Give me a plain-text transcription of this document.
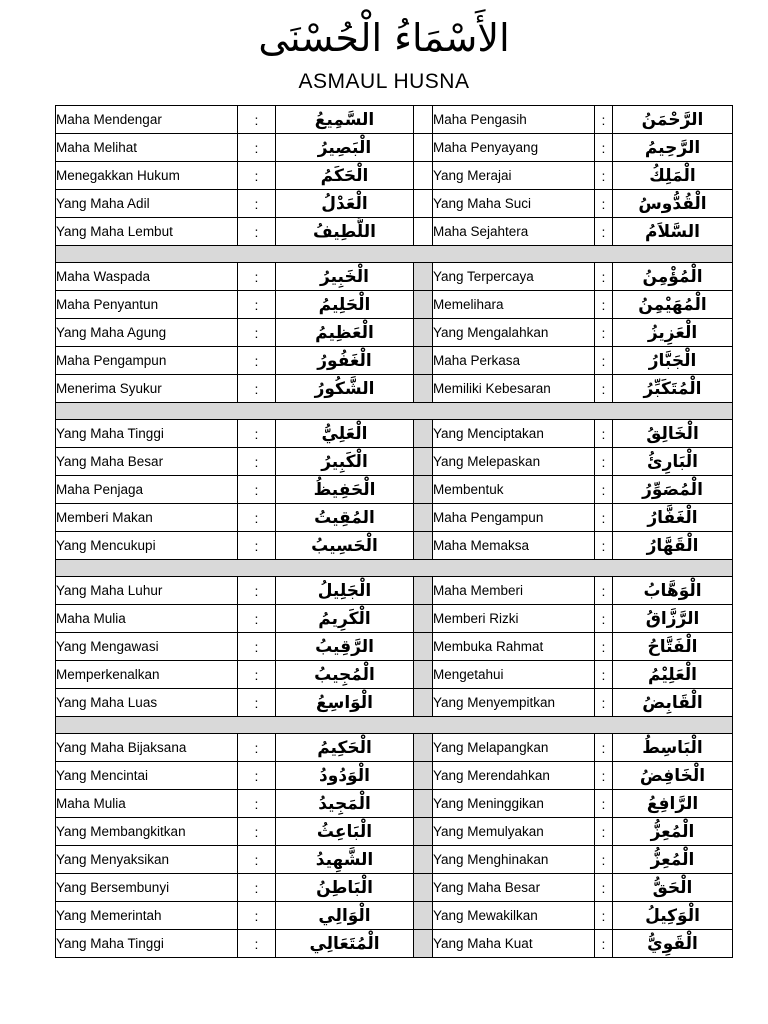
الأَسْمَاءُ الْحُسْنَى
ASMAUL HUSNA
Maha Mendengar	:	السَّمِيعُ		Maha Pengasih	:	الرَّحْمَنُ
Maha Melihat	:	الْبَصِيرُ		Maha Penyayang	:	الرَّحِيمُ
Menegakkan Hukum	:	الْحَكَمُ		Yang Merajai	:	الْمَلِكُ
Yang Maha Adil	:	الْعَدْلُ		Yang Maha Suci	:	الْقُدُّوسُ
Yang Maha Lembut	:	اللَّطِيفُ		Maha Sejahtera	:	السَّلاَمُ

Maha Waspada	:	الْخَبِيرُ		Yang Terpercaya	:	الْمُؤْمِنُ
Maha Penyantun	:	الْحَلِيمُ		Memelihara	:	الْمُهَيْمِنُ
Yang Maha Agung	:	الْعَظِيمُ		Yang Mengalahkan	:	الْعَزِيزُ
Maha Pengampun	:	الْغَفُورُ		Maha Perkasa	:	الْجَبَّارُ
Menerima Syukur	:	الشَّكُورُ		Memiliki Kebesaran	:	الْمُتَكَبِّرُ

Yang Maha Tinggi	:	الْعَلِيُّ		Yang Menciptakan	:	الْخَالِقُ
Yang Maha Besar	:	الْكَبِيرُ		Yang Melepaskan	:	الْبَارِئُ
Maha Penjaga	:	الْحَفِيظُ		Membentuk	:	الْمُصَوِّرُ
Memberi Makan	:	المُقِيتُ		Maha Pengampun	:	الْغَفَّارُ
Yang Mencukupi	:	الْحَسِيبُ		Maha Memaksa	:	الْقَهَّارُ

Yang Maha Luhur	:	الْجَلِيلُ		Maha Memberi	:	الْوَهَّابُ
Maha Mulia	:	الْكَرِيمُ		Memberi Rizki	:	الرَّزَّاقُ
Yang Mengawasi	:	الرَّقِيبُ		Membuka Rahmat	:	الْفَتَّاحُ
Memperkenalkan	:	الْمُجِيبُ		Mengetahui	:	الْعَلِيْمُ
Yang Maha Luas	:	الْوَاسِعُ		Yang Menyempitkan	:	الْقَابِضُ

Yang Maha Bijaksana	:	الْحَكِيمُ		Yang Melapangkan	:	الْبَاسِطُ
Yang Mencintai	:	الْوَدُودُ		Yang Merendahkan	:	الْخَافِضُ
Maha Mulia	:	الْمَجِيدُ		Yang Meninggikan	:	الرَّافِعُ
Yang Membangkitkan	:	الْبَاعِثُ		Yang Memulyakan	:	الْمُعِزُّ
Yang Menyaksikan	:	الشَّهِيدُ		Yang Menghinakan	:	الْمُعِزُّ
Yang Bersembunyi	:	الْبَاطِنُ		Yang Maha Besar	:	الْحَقُّ
Yang Memerintah	:	الْوَالِي		Yang Mewakilkan	:	الْوَكِيلُ
Yang Maha Tinggi	:	الْمُتَعَالِي		Yang Maha Kuat	:	الْقَوِيُّ
